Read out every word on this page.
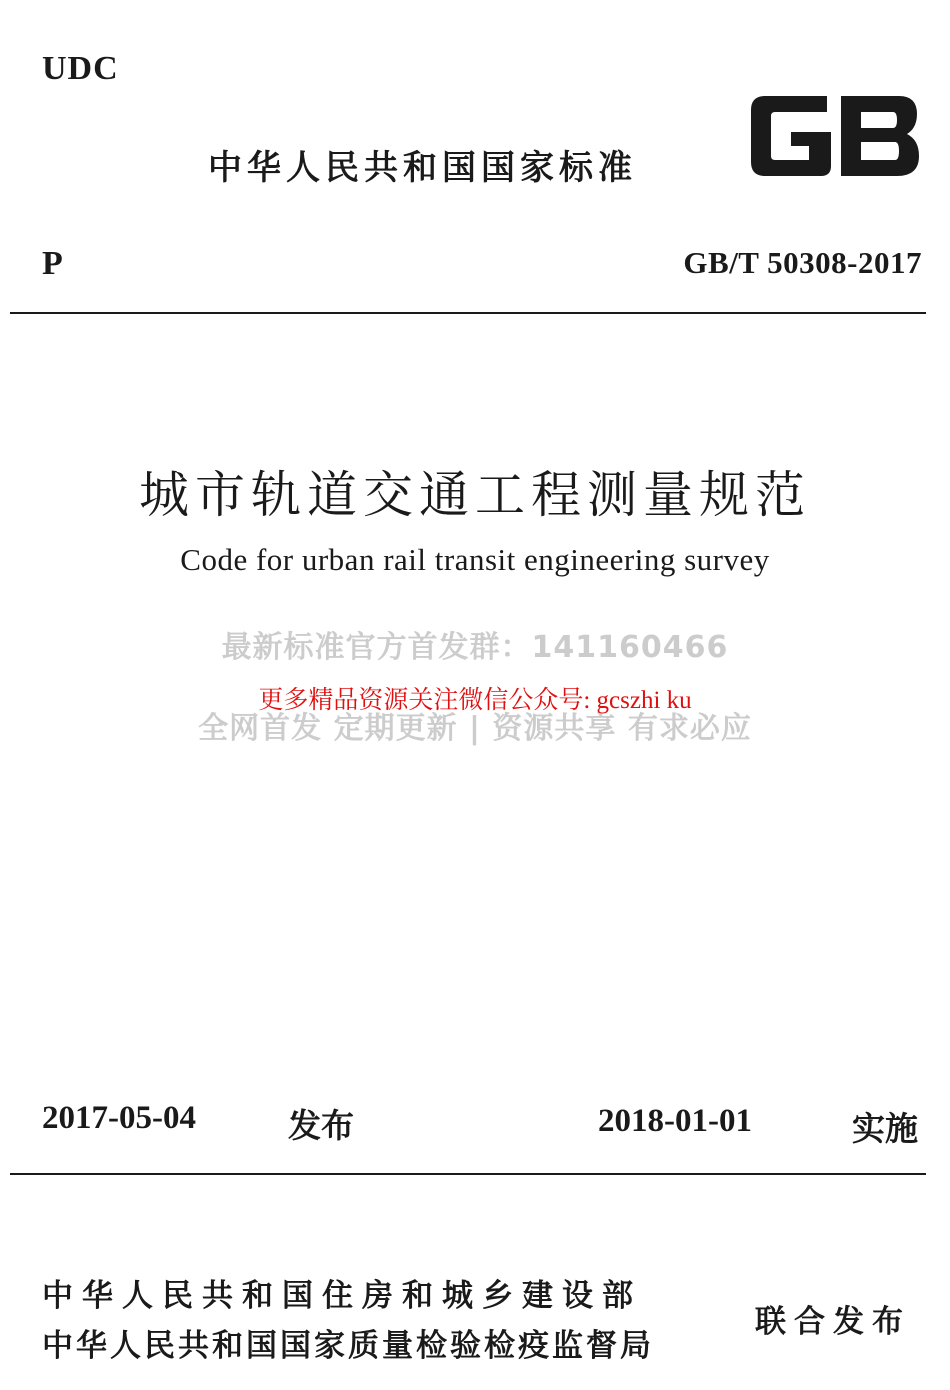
UDC
中华人民共和国国家标准
P	GB/T 50308-2017
城市轨道交通工程测量规范
Code for urban rail transit engineering survey
最新标准官方首发群：141160466
全网首发 定期更新 | 资源共享 有求必应
更多精品资源关注微信公众号: gcszhi ku
2017-05-04	发布	2018-01-01	实施
中华人民共和国住房和城乡建设部
中华人民共和国国家质量检验检疫监督局
联合发布
